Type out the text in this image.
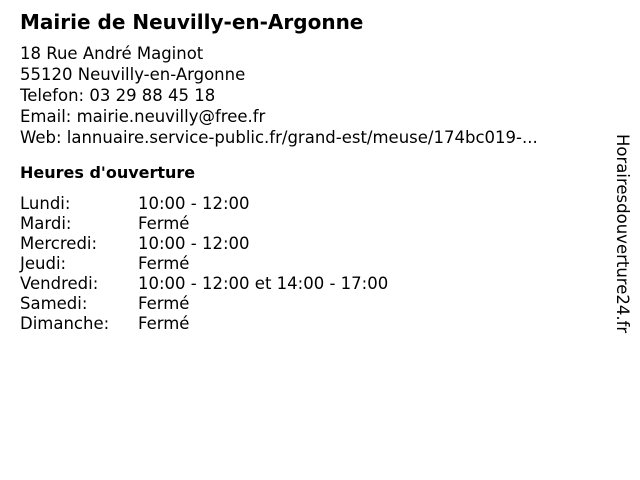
Mairie de Neuvilly-en-Argonne
18 Rue André Maginot
55120 Neuvilly-en-Argonne
Telefon: 03 29 88 45 18
Email: mairie.neuvilly@free.fr
Web: lannuaire.service-public.fr/grand-est/meuse/174bc019-...
Heures d'ouverture
Lundi:	10:00 - 12:00
Mardi:	Fermé
Mercredi: 10:00 - 12:00
Jeudi:	Fermé
Vendredi: 10:00 - 12:00 et 14:00 - 17:00
Samedi:	Fermé
Dimanche: Fermé	Horairesdouverture24.fr
